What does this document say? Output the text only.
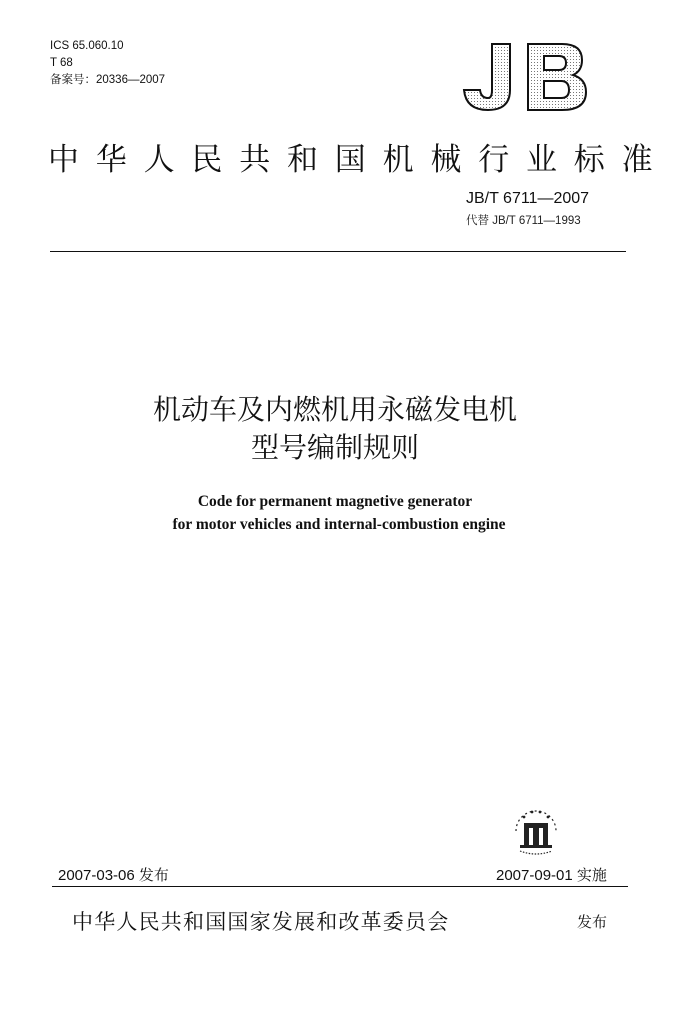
ICS 65.060.10
T 68
备案号：20336—2007
中华人民共和国机械行业标准
JB/T 6711—2007
代替 JB/T 6711—1993
机动车及内燃机用永磁发电机
型号编制规则
Code for permanent magnetive generator
for motor vehicles and internal-combustion engine
2007-03-06 发布	2007-09-01 实施
中华人民共和国国家发展和改革委员会	发布
